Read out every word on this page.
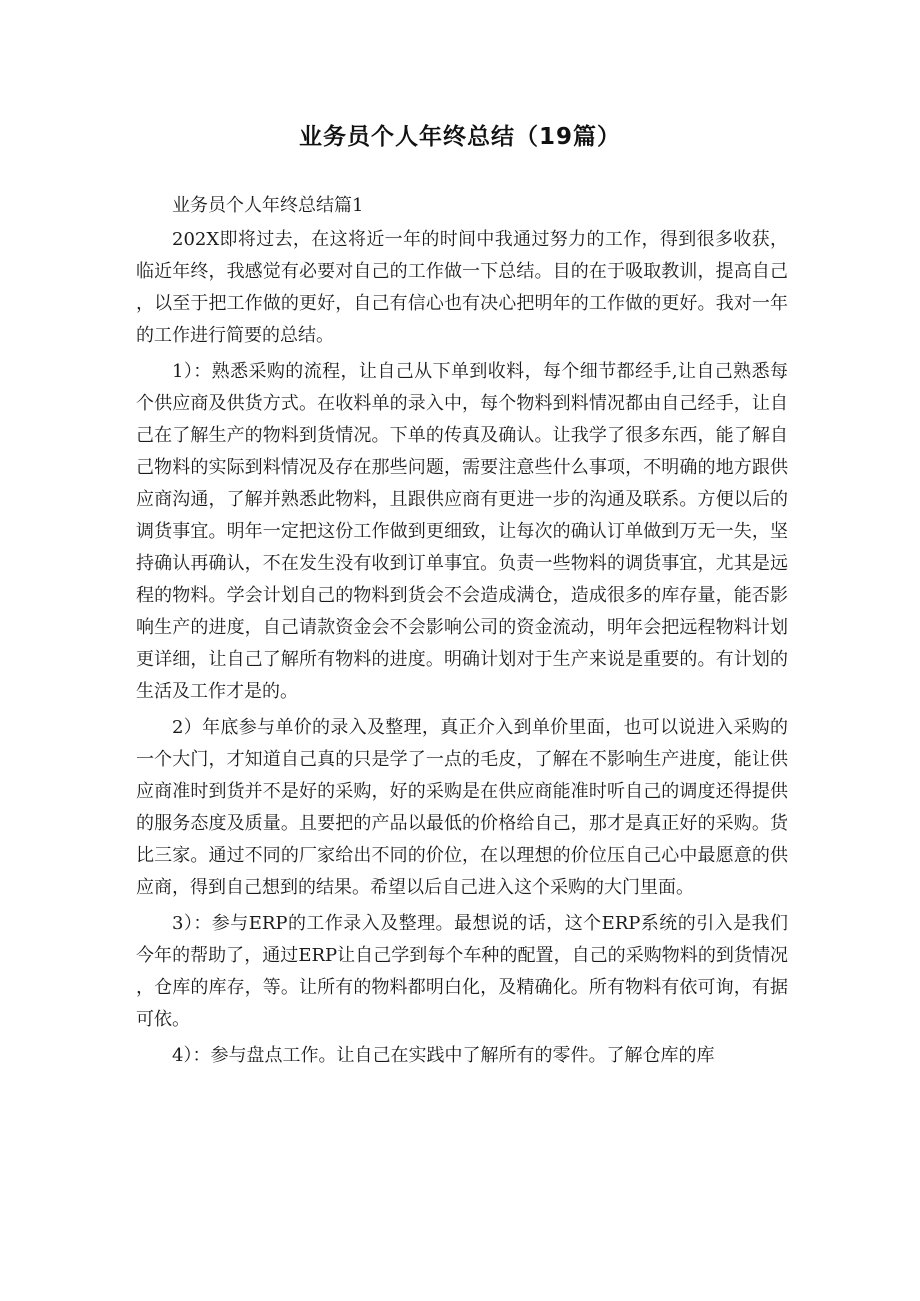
业务员个人年终总结（19篇）

业务员个人年终总结篇1

202X即将过去，在这将近一年的时间中我通过努力的工作，得到很多收获，临近年终，我感觉有必要对自己的工作做一下总结。目的在于吸取教训，提高自己，以至于把工作做的更好，自己有信心也有决心把明年的工作做的更好。我对一年的工作进行简要的总结。

1）：熟悉采购的流程，让自己从下单到收料，每个细节都经手,让自己熟悉每个供应商及供货方式。在收料单的录入中，每个物料到料情况都由自己经手，让自己在了解生产的物料到货情况。下单的传真及确认。让我学了很多东西，能了解自己物料的实际到料情况及存在那些问题，需要注意些什么事项，不明确的地方跟供应商沟通，了解并熟悉此物料，且跟供应商有更进一步的沟通及联系。方便以后的调货事宜。明年一定把这份工作做到更细致，让每次的确认订单做到万无一失，坚持确认再确认，不在发生没有收到订单事宜。负责一些物料的调货事宜，尤其是远程的物料。学会计划自己的物料到货会不会造成满仓，造成很多的库存量，能否影响生产的进度，自己请款资金会不会影响公司的资金流动，明年会把远程物料计划更详细，让自己了解所有物料的进度。明确计划对于生产来说是重要的。有计划的生活及工作才是的。

2）年底参与单价的录入及整理，真正介入到单价里面，也可以说进入采购的一个大门，才知道自己真的只是学了一点的毛皮，了解在不影响生产进度，能让供应商准时到货并不是好的采购，好的采购是在供应商能准时听自己的调度还得提供的服务态度及质量。且要把的产品以最低的价格给自己，那才是真正好的采购。货比三家。通过不同的厂家给出不同的价位，在以理想的价位压自己心中最愿意的供应商，得到自己想到的结果。希望以后自己进入这个采购的大门里面。

3）：参与ERP的工作录入及整理。最想说的话，这个ERP系统的引入是我们今年的帮助了，通过ERP让自己学到每个车种的配置，自己的采购物料的到货情况，仓库的库存，等。让所有的物料都明白化，及精确化。所有物料有依可询，有据可依。

4）：参与盘点工作。让自己在实践中了解所有的零件。了解仓库的库
